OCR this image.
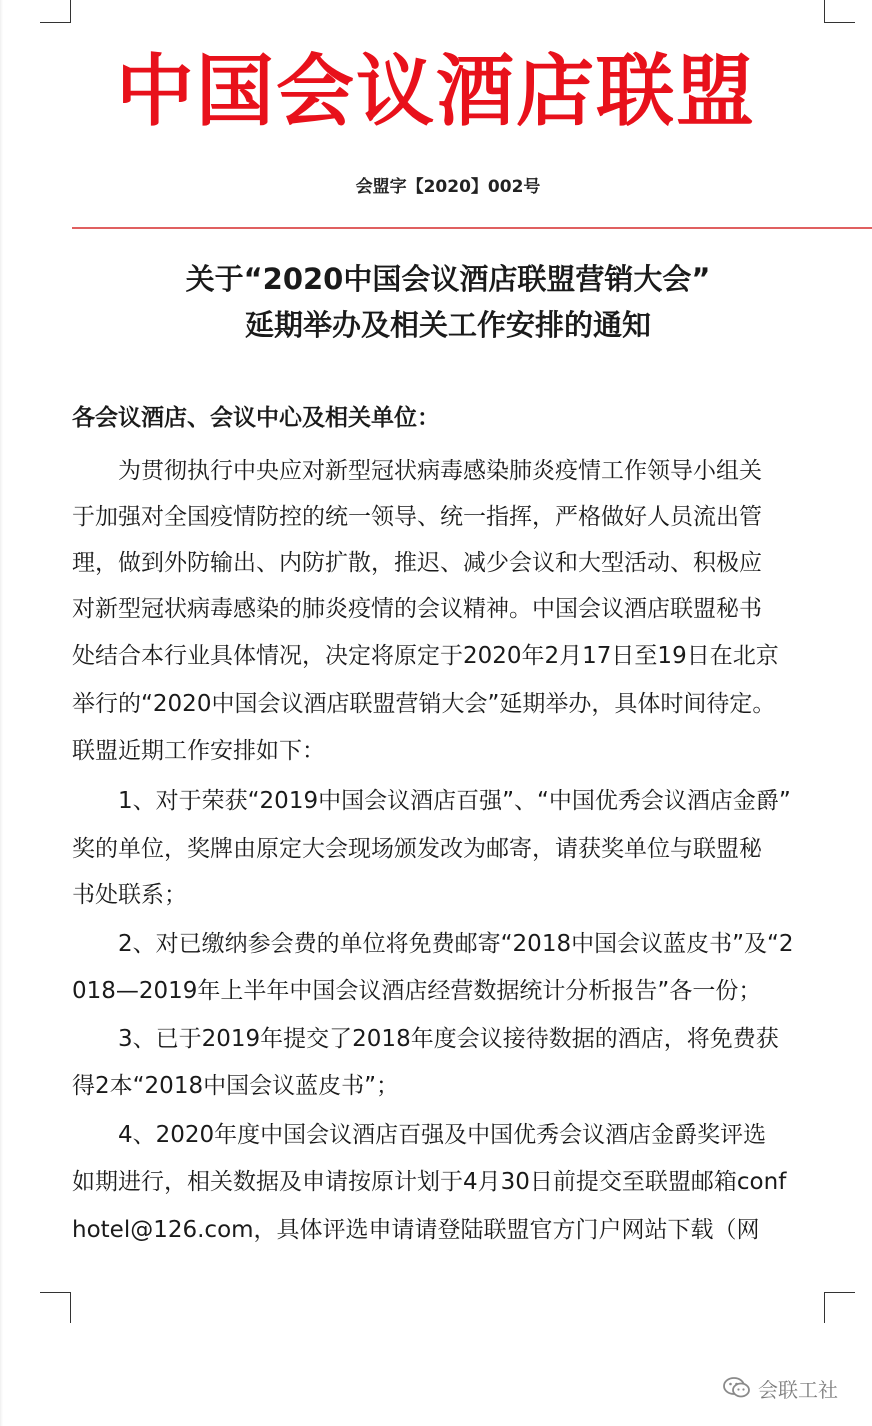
中国会议酒店联盟
会盟字【2020】002号
关于“2020中国会议酒店联盟营销大会”
延期举办及相关工作安排的通知
各会议酒店、会议中心及相关单位：
　　为贯彻执行中央应对新型冠状病毒感染肺炎疫情工作领导小组关
于加强对全国疫情防控的统一领导、统一指挥，严格做好人员流出管
理，做到外防输出、内防扩散，推迟、减少会议和大型活动、积极应
对新型冠状病毒感染的肺炎疫情的会议精神。中国会议酒店联盟秘书
处结合本行业具体情况，决定将原定于2020年2月17日至19日在北京
举行的“2020中国会议酒店联盟营销大会”延期举办，具体时间待定。
联盟近期工作安排如下：
　　1、对于荣获“2019中国会议酒店百强”、“中国优秀会议酒店金爵”
奖的单位，奖牌由原定大会现场颁发改为邮寄，请获奖单位与联盟秘
书处联系；
　　2、对已缴纳参会费的单位将免费邮寄“2018中国会议蓝皮书”及“2
018—2019年上半年中国会议酒店经营数据统计分析报告”各一份；
　　3、已于2019年提交了2018年度会议接待数据的酒店，将免费获
得2本“2018中国会议蓝皮书”；
　　4、2020年度中国会议酒店百强及中国优秀会议酒店金爵奖评选
如期进行，相关数据及申请按原计划于4月30日前提交至联盟邮箱conf
hotel@126.com，具体评选申请请登陆联盟官方门户网站下载（网
会联工社
